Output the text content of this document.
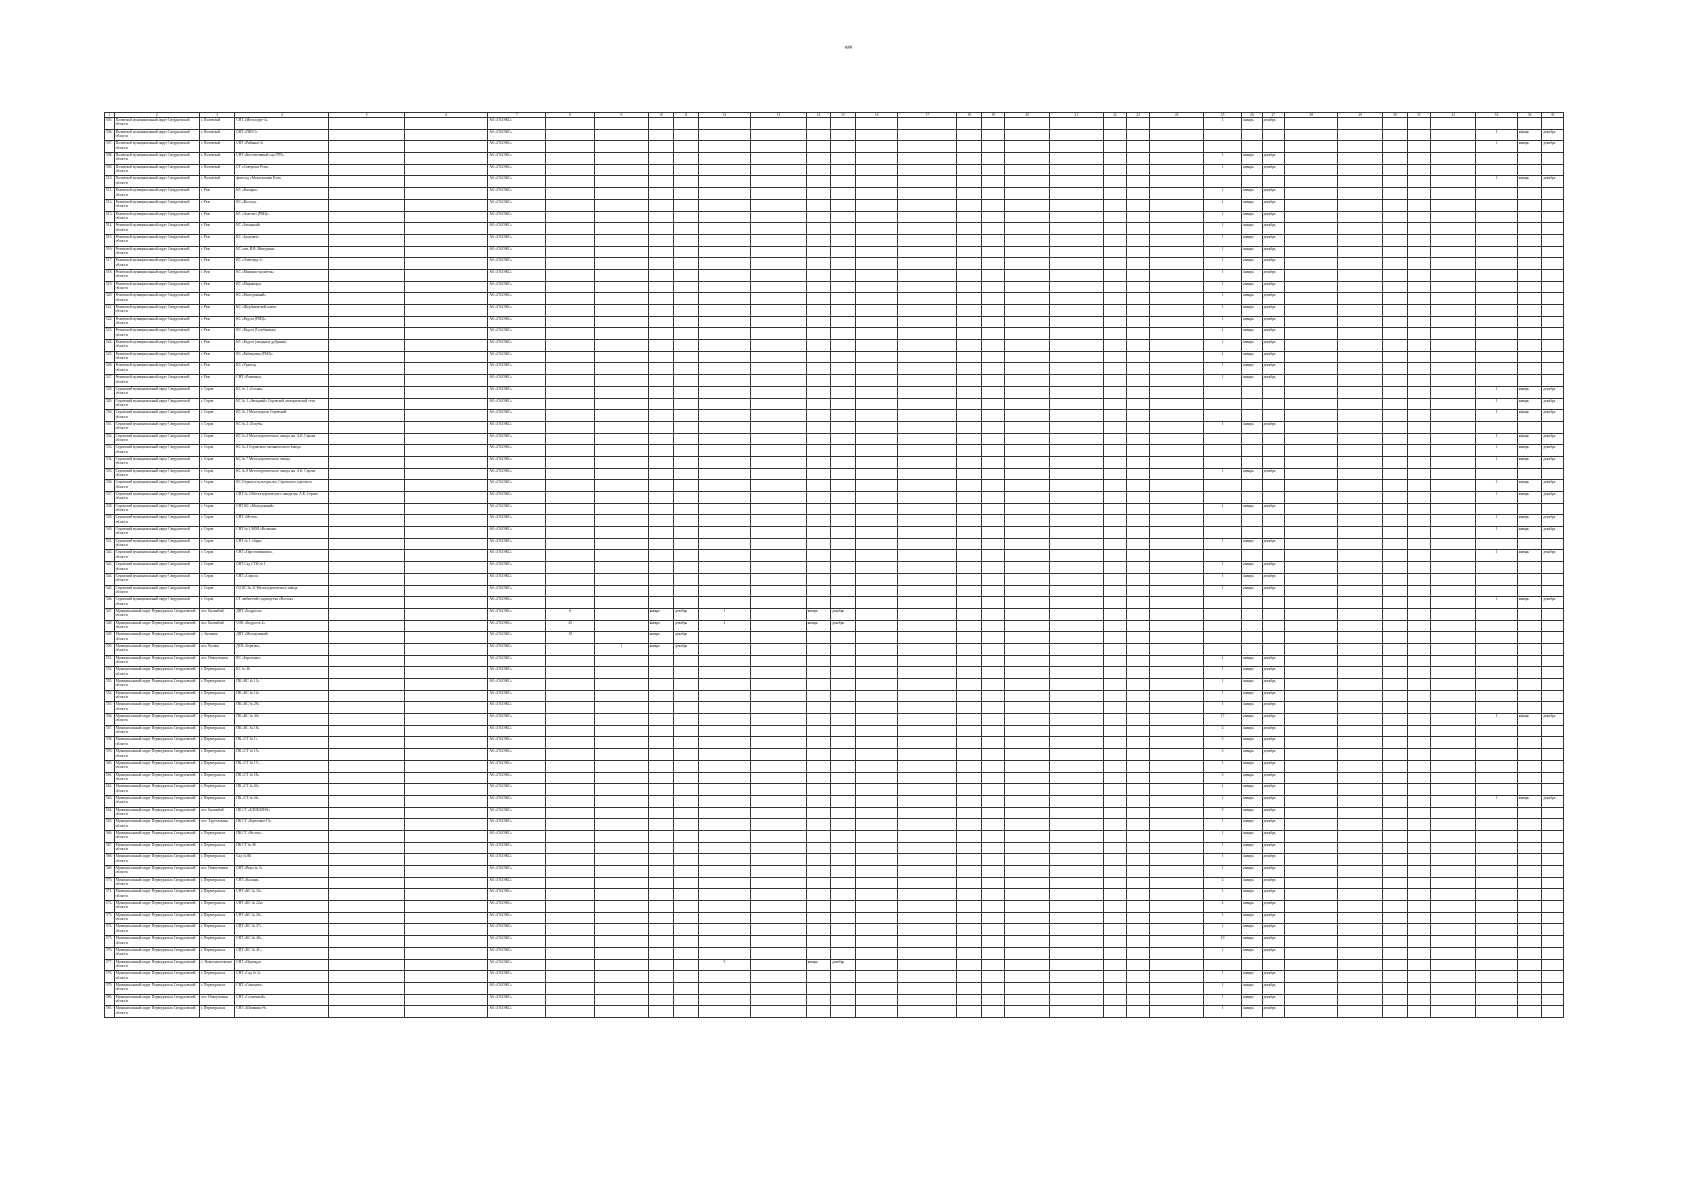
###
1	2	3	4	5	6	7	8	9	10	11	12	13	14	15	16	17	18	19	20	21	22	23	24	25	26	27	28	29	30	31	32	33	34	35
505.	Полевской муниципальный округ Свердловской области	г. Полевской	СНТ «Металлург-4»			АО «ГАЗЭКС»																		5	январь	декабрь								
506.	Полевской муниципальный округ Свердловской области	г. Полевской	СНТ «ПКЗ-1»			АО «ГАЗЭКС»																										1	январь	декабрь
507.	Полевской муниципальный округ Свердловской области	г. Полевской	СНТ «Рябинка-3»			АО «ГАЗЭКС»																										1	январь	декабрь
508.	Полевской муниципальный округ Свердловской области	г. Полевской	СНТ «Коллективный сад ГРП»			АО «ГАЗЭКС»																		1	январь	декабрь								
509.	Полевской муниципальный округ Свердловской области	г. Полевской	СТ «Северское Реги»			АО «ГАЗЭКС»																		1	январь	декабрь								
510.	Полевской муниципальный округ Свердловской области	г. Полевской	фитосад «Малахитовая Роза»			АО «ГАЗЭКС»																										1	январь	декабрь
511.	Режевской муниципальный округ Свердловской области	г. Реж	КС «Вагарка»			АО «ГАЗЭКС»																		1	январь	декабрь								
512.	Режевской муниципальный округ Свердловской области	г. Реж	КС «Восход»			АО «ГАЗЭКС»																		1	январь	декабрь								
513.	Режевской муниципальный округ Свердловской области	г. Реж	КС «Аметист (РМЗ)»			АО «ГАЗЭКС»																		1	январь	декабрь								
514.	Режевской муниципальный округ Свердловской области	г. Реж	КС «Западный»			АО «ГАЗЭКС»																		1	январь	декабрь								
515.	Режевской муниципальный округ Свердловской области	г. Реж	КС «Здоровье»			АО «ГАЗЭКС»																		1	январь	декабрь								
516.	Режевской муниципальный округ Свердловской области	г. Реж	КС «им. Н.В. Мичурина»			АО «ГАЗЭКС»																		1	январь	декабрь								
517.	Режевской муниципальный округ Свердловской области	г. Реж	КС «Электрод-1»			АО «ГАЗЭКС»																		1	январь	декабрь								
518.	Режевской муниципальный округ Свердловской области	г. Реж	КС «Машиностроитель»			АО «ГАЗЭКС»																		1	январь	декабрь								
519.	Режевской муниципальный округ Свердловской области	г. Реж	КС «Мирницца»			АО «ГАЗЭКС»																		1	январь	декабрь								
520.	Режевской муниципальный округ Свердловской области	г. Реж	КС «Молодежный»			АО «ГАЗЭКС»																		1	январь	декабрь								
521.	Режевской муниципальный округ Свердловской области	г. Реж	КС «Щербаковский ключ»			АО «ГАЗЭКС»																		1	январь	декабрь								
522.	Режевской муниципальный округ Свердловской области	г. Реж	КС «Радуга (РМЗ)»			АО «ГАЗЭКС»																		1	январь	декабрь								
523.	Режевской муниципальный округ Свердловской области	г. Реж	КС «Радуга (Голубковка)»			АО «ГАЗЭКС»																		1	январь	декабрь								
524.	Режевской муниципальный округ Свердловской области	г. Реж	КС «Радуга (западные дубравы)»			АО «ГАЗЭКС»																		1	январь	декабрь								
525.	Режевской муниципальный округ Свердловской области	г. Реж	КС «Рябинушка (РМЗ)»			АО «ГАЗЭКС»																		1	январь	декабрь								
526.	Режевской муниципальный округ Свердловской области	г. Реж	КС «Уралец»			АО «ГАЗЭКС»																		1	январь	декабрь								
527.	Режевской муниципальный округ Свердловской области	г. Реж	СНТ «Ромашка»			АО «ГАЗЭКС»																		1	январь	декабрь								
528.	Серовский муниципальный округ Свердловской области	г. Серов	КС № 1 «Сосны»			АО «ГАЗЭКС»																										1	январь	декабрь
529.	Серовский муниципальный округ Свердловской области	г. Серов	КС № 1 «Звездный» Серовской электрической сети			АО «ГАЗЭКС»																										1	январь	декабрь
530.	Серовский муниципальный округ Свердловской области	г. Серов	КС № 1 Металлургов Серовский			АО «ГАЗЭКС»																										1	январь	декабрь
531.	Серовский муниципальный округ Свердловской области	г. Серов	КС № 2 «Голубь»			АО «ГАЗЭКС»																		1	январь	декабрь								
532.	Серовский муниципальный округ Свердловской области	г. Серов	КС № 4 Металлургического завода им. А.К. Серова			АО «ГАЗЭКС»																										1	январь	декабрь
533.	Серовский муниципальный округ Свердловской области	г. Серов	КС № 4 Серовского механического завода			АО «ГАЗЭКС»																										1	январь	декабрь
534.	Серовский муниципальный округ Свердловской области	г. Серов	КС № 7 Металлургического завода			АО «ГАЗЭКС»																										1	январь	декабрь
535.	Серовский муниципальный округ Свердловской области	г. Серов	КС № 8 Металлургического завода им. А.К. Серова			АО «ГАЗЭКС»																		1	январь	декабрь								
536.	Серовский муниципальный округ Свердловской области	г. Серов	КС Отдыха и культуры им. Серовского горсовета			АО «ГАЗЭКС»																										1	январь	декабрь
537.	Серовский муниципальный округ Свердловской области	г. Серов	СНТ № 4 Металлургического завода им. А.К. Серова			АО «ГАЗЭКС»																										1	январь	декабрь
538.	Серовский муниципальный округ Свердловской области	г. Серов	СНТ КС «Молодежный»			АО «ГАЗЭКС»																		1	январь	декабрь								
539.	Серовский муниципальный округ Свердловской области	г. Серов	СНТ «Мечта»			АО «ГАЗЭКС»																										1	январь	декабрь
540.	Серовский муниципальный округ Свердловской области	г. Серов	СНТ № 1 ВОИ «Волжане»			АО «ГАЗЭКС»																										1	январь	декабрь
541.	Серовский муниципальный округ Свердловской области	г. Серов	СНТ № 1 «Заря»			АО «ГАЗЭКС»																		1	январь	декабрь								
542.	Серовский муниципальный округ Свердловской области	г. Серов	СНТ «Простоквашино»			АО «ГАЗЭКС»																										1	январь	декабрь
543.	Серовский муниципальный округ Свердловской области	г. Серов	СНТ Сад СТФ № 1			АО «ГАЗЭКС»																		1	январь	декабрь								
544.	Серовский муниципальный округ Свердловской области	г. Серов	СНТ «Серьга»			АО «ГАЗЭКС»																		1	январь	декабрь								
545.	Серовский муниципальный округ Свердловской области	г. Серов	СО КС № 11 Металлургического завода			АО «ГАЗЭКС»																		1	январь	декабрь								
546.	Серовский муниципальный округ Свердловской области	г. Серов	СТ любителей садоводства «Восток»			АО «ГАЗЭКС»																										1	январь	декабрь
547.	Муниципальный округ Первоуральск Свердловской области	пос. Билимбай	ДНТ «Бодрость»			АО «ГАЗЭКС»	8		январь	декабрь	1		январь	декабрь																				
548.	Муниципальный округ Первоуральск Свердловской области	пос. Билимбай	СОК «Бодрость-2»			АО «ГАЗЭКС»	25		январь	декабрь	2		январь	декабрь																				
549.	Муниципальный округ Первоуральск Свердловской области	с. Битимка	ДНТ «Молодежный»			АО «ГАЗЭКС»	18		январь	декабрь																								
550.	Муниципальный округ Первоуральск Свердловской области	пос. Кузино	ДСК «Березка»			АО «ГАЗЭКС»		1	январь	декабрь																								
551.	Муниципальный округ Первоуральск Свердловской области	пос. Новоуткинск	КС «Березовка»			АО «ГАЗЭКС»																		1	январь	декабрь								
552.	Муниципальный округ Первоуральск Свердловской области	г. Первоуральск	КС № 46			АО «ГАЗЭКС»																		1	январь	декабрь								
553.	Муниципальный округ Первоуральск Свердловской области	г. Первоуральск	ПК «КС № 13»			АО «ГАЗЭКС»																		1	январь	декабрь								
554.	Муниципальный округ Первоуральск Свердловской области	г. Первоуральск	ПК «КС № 14»			АО «ГАЗЭКС»																		1	январь	декабрь								
555.	Муниципальный округ Первоуральск Свердловской области	г. Первоуральск	ПК «КС № 29»			АО «ГАЗЭКС»																		1	январь	декабрь								
556.	Муниципальный округ Первоуральск Свердловской области	г. Первоуральск	ПК «КС № 40»			АО «ГАЗЭКС»																		17	январь	декабрь						1	январь	декабрь
557.	Муниципальный округ Первоуральск Свердловской области	г. Первоуральск	ПК «КС № 18»			АО «ГАЗЭКС»																		2	январь	декабрь								
558.	Муниципальный округ Первоуральск Свердловской области	г. Первоуральск	ПК «СТ № 1»			АО «ГАЗЭКС»																		3	январь	декабрь								
559.	Муниципальный округ Первоуральск Свердловской области	г. Первоуральск	ПК «СТ № 15»			АО «ГАЗЭКС»																		3	январь	декабрь								
560.	Муниципальный округ Первоуральск Свердловской области	г. Первоуральск	ПК «СТ № 17»			АО «ГАЗЭКС»																		1	январь	декабрь								
561.	Муниципальный округ Первоуральск Свердловской области	г. Первоуральск	ПК «СТ № 18»			АО «ГАЗЭКС»																		3	январь	декабрь								
562.	Муниципальный округ Первоуральск Свердловской области	г. Первоуральск	ПК «СТ № 20»			АО «ГАЗЭКС»																		1	январь	декабрь								
563.	Муниципальный округ Первоуральск Свердловской области	г. Первоуральск	ПК «СТ № 44»			АО «ГАЗЭКС»																		1	январь	декабрь						1	январь	декабрь
564.	Муниципальный округ Первоуральск Свердловской области	пос. Билимбай	ПК СТ «БЛОКЗОНА»			АО «ГАЗЭКС»																		5	январь	декабрь								
565.	Муниципальный округ Первоуральск Свердловской области	пос. Хрустальная	ПК СТ «Березовка-13»			АО «ГАЗЭКС»																		1	январь	декабрь								
566.	Муниципальный округ Первоуральск Свердловской области	г. Первоуральск	ПК СТ «Росток»			АО «ГАЗЭКС»																		1	январь	декабрь								
567.	Муниципальный округ Первоуральск Свердловской области	г. Первоуральск	ПК СТ № 48			АО «ГАЗЭКС»																		1	январь	декабрь								
568.	Муниципальный округ Первоуральск Свердловской области	г. Первоуральск	Сад № 8Б			АО «ГАЗЭКС»																		1	январь	декабрь								
569.	Муниципальный округ Первоуральск Свердловской области	пос. Новоуткинск	СНТ «Вера № 3»			АО «ГАЗЭКС»																		1	январь	декабрь								
570.	Муниципальный округ Первоуральск Свердловской области	г. Первоуральск	СНТ «Калина»			АО «ГАЗЭКС»																		2	январь	декабрь								
571.	Муниципальный округ Первоуральск Свердловской области	г. Первоуральск	СНТ «КС № 33»			АО «ГАЗЭКС»																		1	январь	декабрь								
572.	Муниципальный округ Первоуральск Свердловской области	г. Первоуральск	СНТ «КС № 22а»			АО «ГАЗЭКС»																		4	январь	декабрь								
573.	Муниципальный округ Первоуральск Свердловской области	г. Первоуральск	СНТ «КС № 26»			АО «ГАЗЭКС»																		1	январь	декабрь								
574.	Муниципальный округ Первоуральск Свердловской области	г. Первоуральск	СНТ «КС № 37»			АО «ГАЗЭКС»																		1	январь	декабрь								
575.	Муниципальный округ Первоуральск Свердловской области	г. Первоуральск	СНТ «КС № 40»			АО «ГАЗЭКС»																		10	январь	декабрь								
576.	Муниципальный округ Первоуральск Свердловской области	г. Первоуральск	СНТ «КС № 41»			АО «ГАЗЭКС»																		1	январь	декабрь								
577.	Муниципальный округ Первоуральск Свердловской области	с. Новоалексеевское	СНТ «Надежда»			АО «ГАЗЭКС»					5		январь	декабрь																				
578.	Муниципальный округ Первоуральск Свердловской области	г. Первоуральск	СНТ «Сад № 3»			АО «ГАЗЭКС»																		1	январь	декабрь								
579.	Муниципальный округ Первоуральск Свердловской области	г. Первоуральск	СНТ «Самоцвет»			АО «ГАЗЭКС»																		1	январь	декабрь								
580.	Муниципальный округ Первоуральск Свердловской области	пос. Новоуткинск	СНТ «Солнечный»			АО «ГАЗЭКС»																		1	январь	декабрь								
581.	Муниципальный округ Первоуральск Свердловской области	г. Первоуральск	СНТ «Шишкина-9»			АО «ГАЗЭКС»																		1	январь	декабрь								
